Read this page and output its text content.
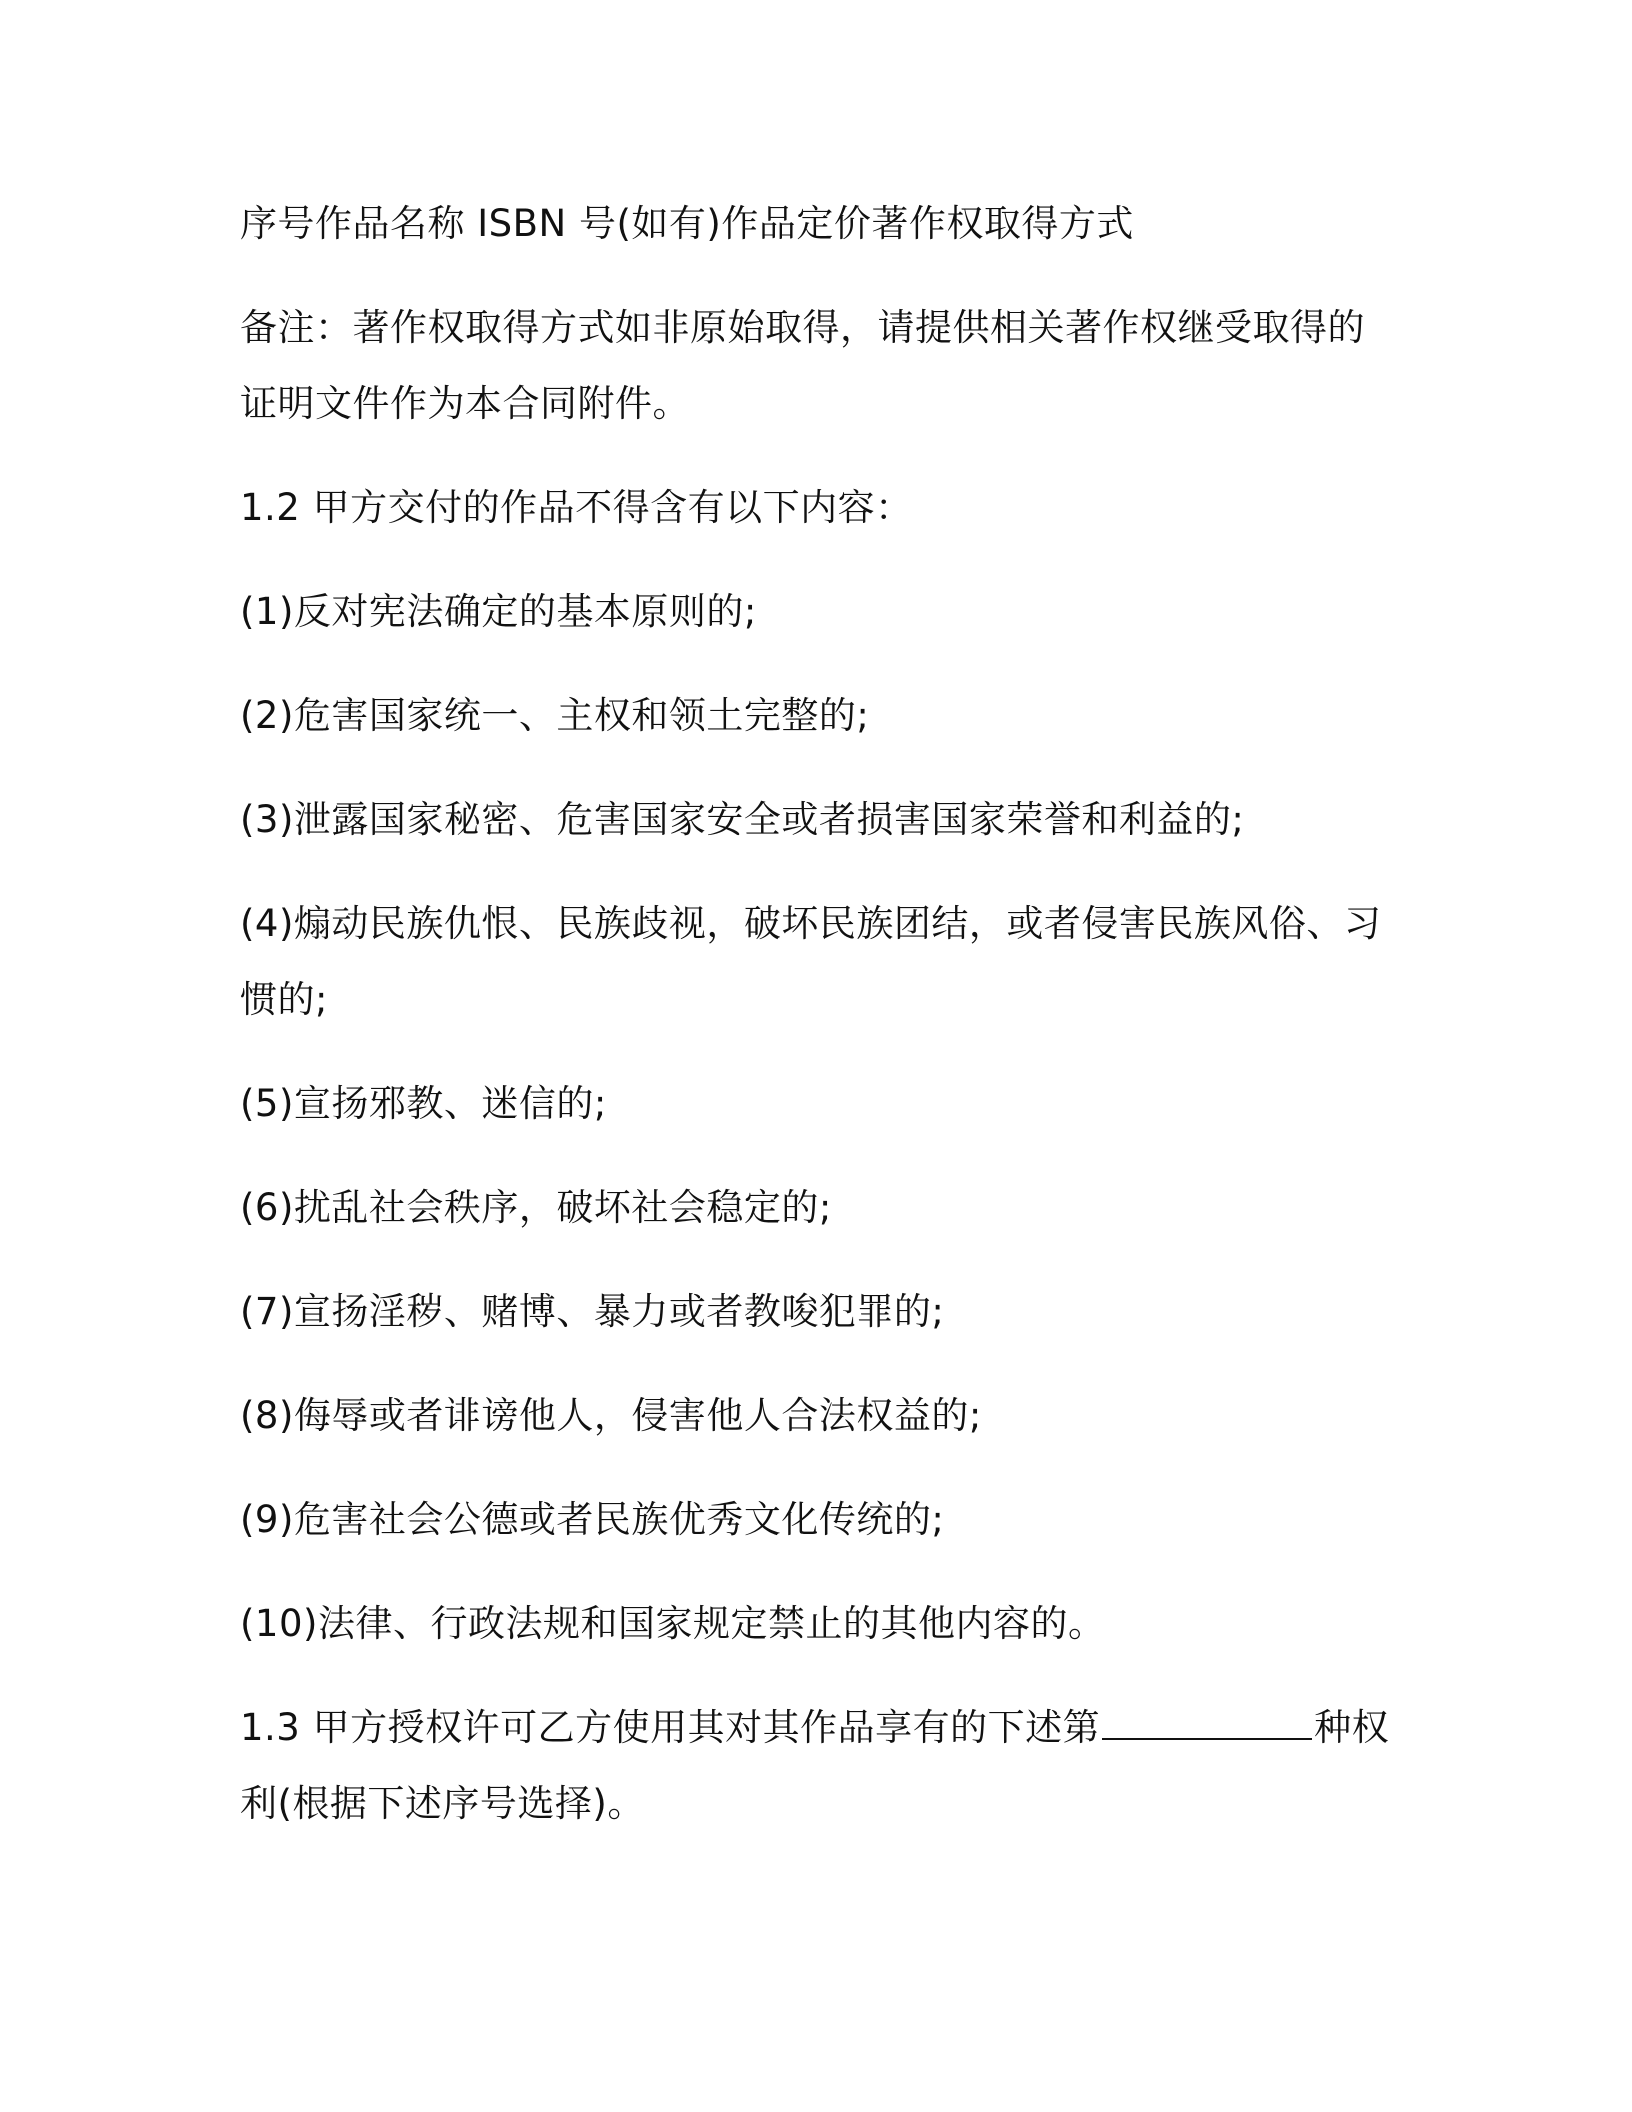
序号作品名称 ISBN 号(如有)作品定价著作权取得方式

备注：著作权取得方式如非原始取得，请提供相关著作权继受取得的证明文件作为本合同附件。

1.2 甲方交付的作品不得含有以下内容：

(1)反对宪法确定的基本原则的;

(2)危害国家统一、主权和领土完整的;

(3)泄露国家秘密、危害国家安全或者损害国家荣誉和利益的;

(4)煽动民族仇恨、民族歧视，破坏民族团结，或者侵害民族风俗、习惯的;

(5)宣扬邪教、迷信的;

(6)扰乱社会秩序，破坏社会稳定的;

(7)宣扬淫秽、赌博、暴力或者教唆犯罪的;

(8)侮辱或者诽谤他人，侵害他人合法权益的;

(9)危害社会公德或者民族优秀文化传统的;

(10)法律、行政法规和国家规定禁止的其他内容的。

1.3 甲方授权许可乙方使用其对其作品享有的下述第	种权利(根据下述序号选择)。
